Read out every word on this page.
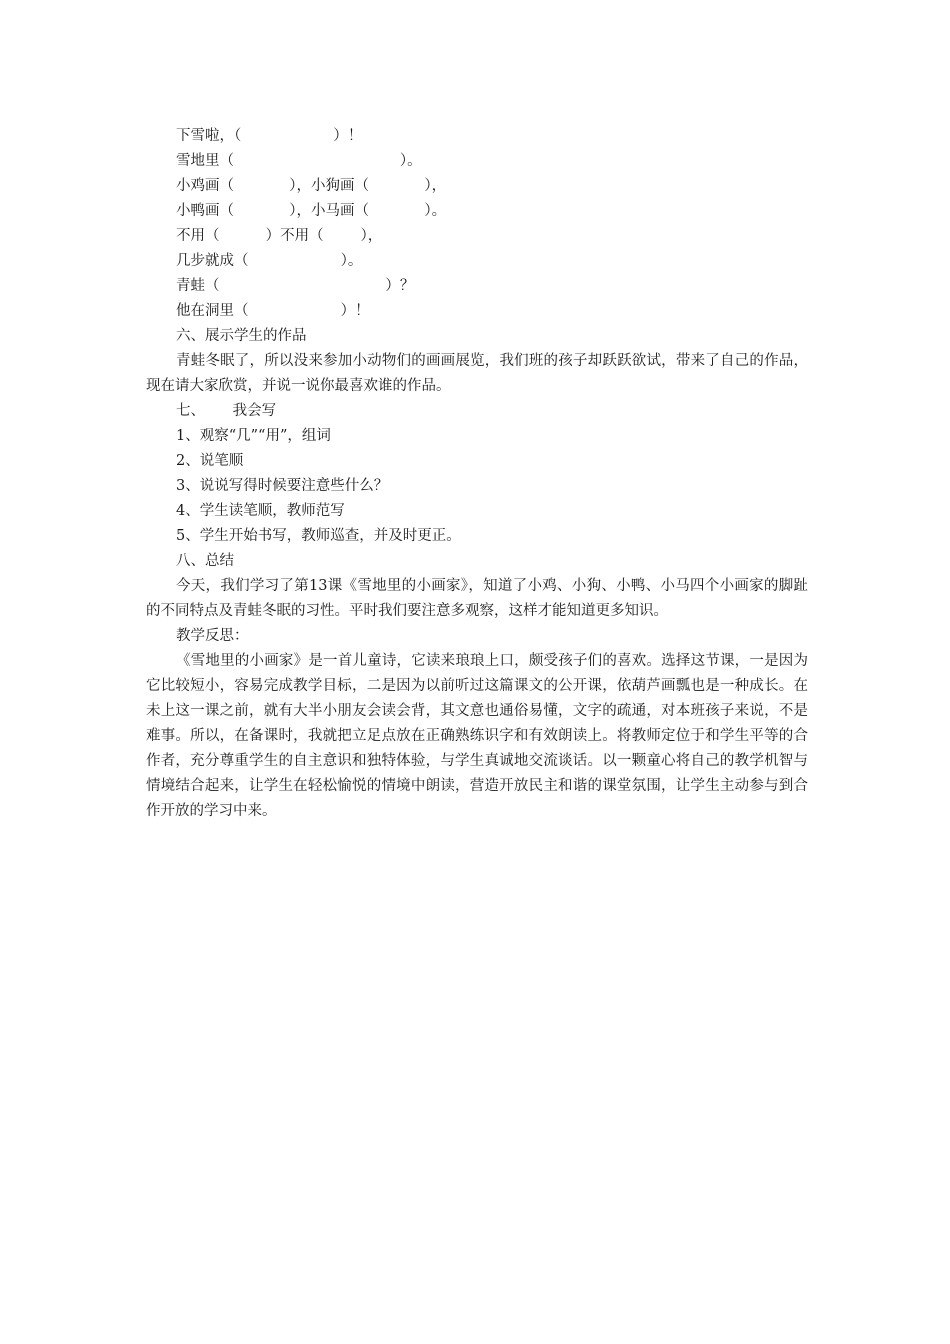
下雪啦，（                    ）！
雪地里（                                    ）。
小鸡画（            ），小狗画（            ），
小鸭画（            ），小马画（            ）。
不用（          ）不用（        ），
几步就成（                    ）。
青蛙（                                    ）？
他在洞里（                    ）！

六、展示学生的作品

青蛙冬眠了，所以没来参加小动物们的画画展览，我们班的孩子却跃跃欲试，带来了自己的作品，现在请大家欣赏，并说一说你最喜欢谁的作品。

七、      我会写

1、观察“几”“用”，组词

2、说笔顺

3、说说写得时候要注意些什么？

4、学生读笔顺，教师范写

5、学生开始书写，教师巡查，并及时更正。

八、总结

今天，我们学习了第13课《雪地里的小画家》，知道了小鸡、小狗、小鸭、小马四个小画家的脚趾的不同特点及青蛙冬眠的习性。平时我们要注意多观察，这样才能知道更多知识。

教学反思：

《雪地里的小画家》是一首儿童诗，它读来琅琅上口，颇受孩子们的喜欢。选择这节课，一是因为它比较短小，容易完成教学目标，二是因为以前听过这篇课文的公开课，依葫芦画瓢也是一种成长。在未上这一课之前，就有大半小朋友会读会背，其文意也通俗易懂，文字的疏通，对本班孩子来说，不是难事。所以，在备课时，我就把立足点放在正确熟练识字和有效朗读上。将教师定位于和学生平等的合作者，充分尊重学生的自主意识和独特体验，与学生真诚地交流谈话。以一颗童心将自己的教学机智与情境结合起来，让学生在轻松愉悦的情境中朗读，营造开放民主和谐的课堂氛围，让学生主动参与到合作开放的学习中来。
